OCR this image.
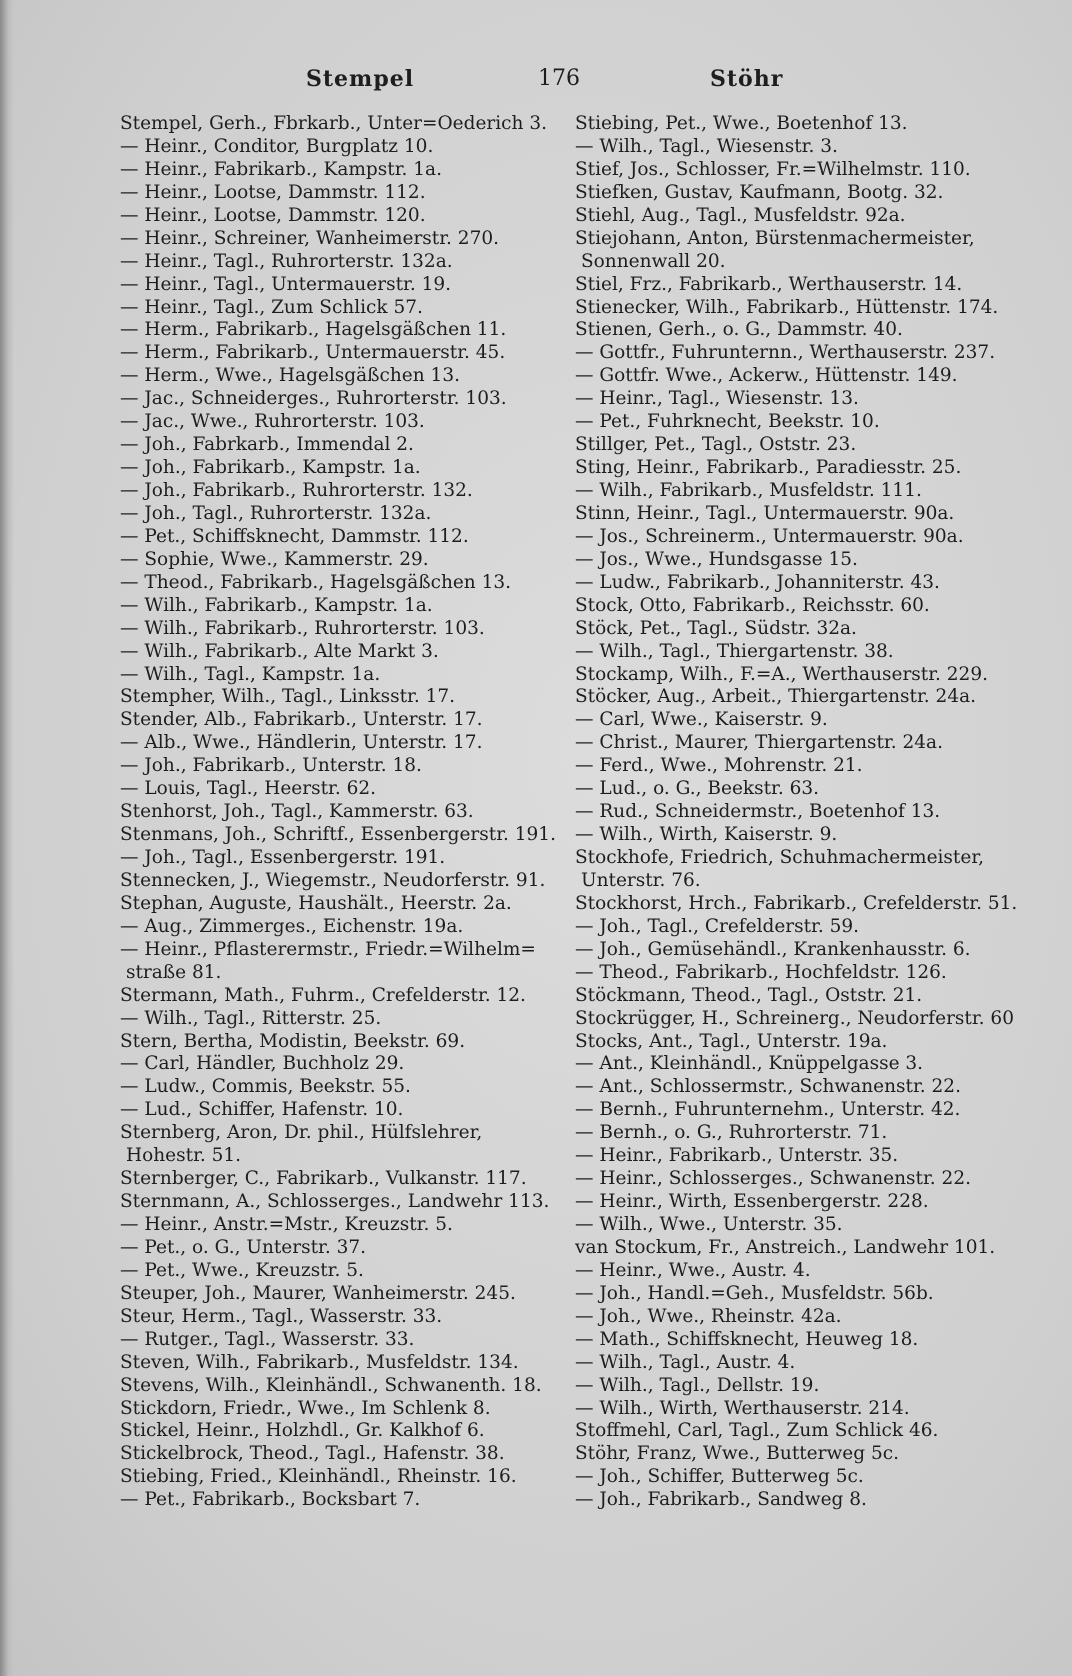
Stempel	176	Stöhr
Stempel, Gerh., Fbrkarb., Unter=Oederich 3.
— Heinr., Conditor, Burgplatz 10.
— Heinr., Fabrikarb., Kampstr. 1a.
— Heinr., Lootse, Dammstr. 112.
— Heinr., Lootse, Dammstr. 120.
— Heinr., Schreiner, Wanheimerstr. 270.
— Heinr., Tagl., Ruhrorterstr. 132a.
— Heinr., Tagl., Untermauerstr. 19.
— Heinr., Tagl., Zum Schlick 57.
— Herm., Fabrikarb., Hagelsgäßchen 11.
— Herm., Fabrikarb., Untermauerstr. 45.
— Herm., Wwe., Hagelsgäßchen 13.
— Jac., Schneiderges., Ruhrorterstr. 103.
— Jac., Wwe., Ruhrorterstr. 103.
— Joh., Fabrkarb., Immendal 2.
— Joh., Fabrikarb., Kampstr. 1a.
— Joh., Fabrikarb., Ruhrorterstr. 132.
— Joh., Tagl., Ruhrorterstr. 132a.
— Pet., Schiffsknecht, Dammstr. 112.
— Sophie, Wwe., Kammerstr. 29.
— Theod., Fabrikarb., Hagelsgäßchen 13.
— Wilh., Fabrikarb., Kampstr. 1a.
— Wilh., Fabrikarb., Ruhrorterstr. 103.
— Wilh., Fabrikarb., Alte Markt 3.
— Wilh., Tagl., Kampstr. 1a.
Stempher, Wilh., Tagl., Linksstr. 17.
Stender, Alb., Fabrikarb., Unterstr. 17.
— Alb., Wwe., Händlerin, Unterstr. 17.
— Joh., Fabrikarb., Unterstr. 18.
— Louis, Tagl., Heerstr. 62.
Stenhorst, Joh., Tagl., Kammerstr. 63.
Stenmans, Joh., Schriftf., Essenbergerstr. 191.
— Joh., Tagl., Essenbergerstr. 191.
Stennecken, J., Wiegemstr., Neudorferstr. 91.
Stephan, Auguste, Haushält., Heerstr. 2a.
— Aug., Zimmerges., Eichenstr. 19a.
— Heinr., Pflasterermstr., Friedr.=Wilhelm=
straße 81.
Stermann, Math., Fuhrm., Crefelderstr. 12.
— Wilh., Tagl., Ritterstr. 25.
Stern, Bertha, Modistin, Beekstr. 69.
— Carl, Händler, Buchholz 29.
— Ludw., Commis, Beekstr. 55.
— Lud., Schiffer, Hafenstr. 10.
Sternberg, Aron, Dr. phil., Hülfslehrer,
Hohestr. 51.
Sternberger, C., Fabrikarb., Vulkanstr. 117.
Sternmann, A., Schlosserges., Landwehr 113.
— Heinr., Anstr.=Mstr., Kreuzstr. 5.
— Pet., o. G., Unterstr. 37.
— Pet., Wwe., Kreuzstr. 5.
Steuper, Joh., Maurer, Wanheimerstr. 245.
Steur, Herm., Tagl., Wasserstr. 33.
— Rutger., Tagl., Wasserstr. 33.
Steven, Wilh., Fabrikarb., Musfeldstr. 134.
Stevens, Wilh., Kleinhändl., Schwanenth. 18.
Stickdorn, Friedr., Wwe., Im Schlenk 8.
Stickel, Heinr., Holzhdl., Gr. Kalkhof 6.
Stickelbrock, Theod., Tagl., Hafenstr. 38.
Stiebing, Fried., Kleinhändl., Rheinstr. 16.
— Pet., Fabrikarb., Bocksbart 7.
Stiebing, Pet., Wwe., Boetenhof 13.
— Wilh., Tagl., Wiesenstr. 3.
Stief, Jos., Schlosser, Fr.=Wilhelmstr. 110.
Stiefken, Gustav, Kaufmann, Bootg. 32.
Stiehl, Aug., Tagl., Musfeldstr. 92a.
Stiejohann, Anton, Bürstenmachermeister,
Sonnenwall 20.
Stiel, Frz., Fabrikarb., Werthauserstr. 14.
Stienecker, Wilh., Fabrikarb., Hüttenstr. 174.
Stienen, Gerh., o. G., Dammstr. 40.
— Gottfr., Fuhrunternn., Werthauserstr. 237.
— Gottfr. Wwe., Ackerw., Hüttenstr. 149.
— Heinr., Tagl., Wiesenstr. 13.
— Pet., Fuhrknecht, Beekstr. 10.
Stillger, Pet., Tagl., Oststr. 23.
Sting, Heinr., Fabrikarb., Paradiesstr. 25.
— Wilh., Fabrikarb., Musfeldstr. 111.
Stinn, Heinr., Tagl., Untermauerstr. 90a.
— Jos., Schreinerm., Untermauerstr. 90a.
— Jos., Wwe., Hundsgasse 15.
— Ludw., Fabrikarb., Johanniterstr. 43.
Stock, Otto, Fabrikarb., Reichsstr. 60.
Stöck, Pet., Tagl., Südstr. 32a.
— Wilh., Tagl., Thiergartenstr. 38.
Stockamp, Wilh., F.=A., Werthauserstr. 229.
Stöcker, Aug., Arbeit., Thiergartenstr. 24a.
— Carl, Wwe., Kaiserstr. 9.
— Christ., Maurer, Thiergartenstr. 24a.
— Ferd., Wwe., Mohrenstr. 21.
— Lud., o. G., Beekstr. 63.
— Rud., Schneidermstr., Boetenhof 13.
— Wilh., Wirth, Kaiserstr. 9.
Stockhofe, Friedrich, Schuhmachermeister,
Unterstr. 76.
Stockhorst, Hrch., Fabrikarb., Crefelderstr. 51.
— Joh., Tagl., Crefelderstr. 59.
— Joh., Gemüsehändl., Krankenhausstr. 6.
— Theod., Fabrikarb., Hochfeldstr. 126.
Stöckmann, Theod., Tagl., Oststr. 21.
Stockrügger, H., Schreinerg., Neudorferstr. 60
Stocks, Ant., Tagl., Unterstr. 19a.
— Ant., Kleinhändl., Knüppelgasse 3.
— Ant., Schlossermstr., Schwanenstr. 22.
— Bernh., Fuhrunternehm., Unterstr. 42.
— Bernh., o. G., Ruhrorterstr. 71.
— Heinr., Fabrikarb., Unterstr. 35.
— Heinr., Schlosserges., Schwanenstr. 22.
— Heinr., Wirth, Essenbergerstr. 228.
— Wilh., Wwe., Unterstr. 35.
van Stockum, Fr., Anstreich., Landwehr 101.
— Heinr., Wwe., Austr. 4.
— Joh., Handl.=Geh., Musfeldstr. 56b.
— Joh., Wwe., Rheinstr. 42a.
— Math., Schiffsknecht, Heuweg 18.
— Wilh., Tagl., Austr. 4.
— Wilh., Tagl., Dellstr. 19.
— Wilh., Wirth, Werthauserstr. 214.
Stoffmehl, Carl, Tagl., Zum Schlick 46.
Stöhr, Franz, Wwe., Butterweg 5c.
— Joh., Schiffer, Butterweg 5c.
— Joh., Fabrikarb., Sandweg 8.
